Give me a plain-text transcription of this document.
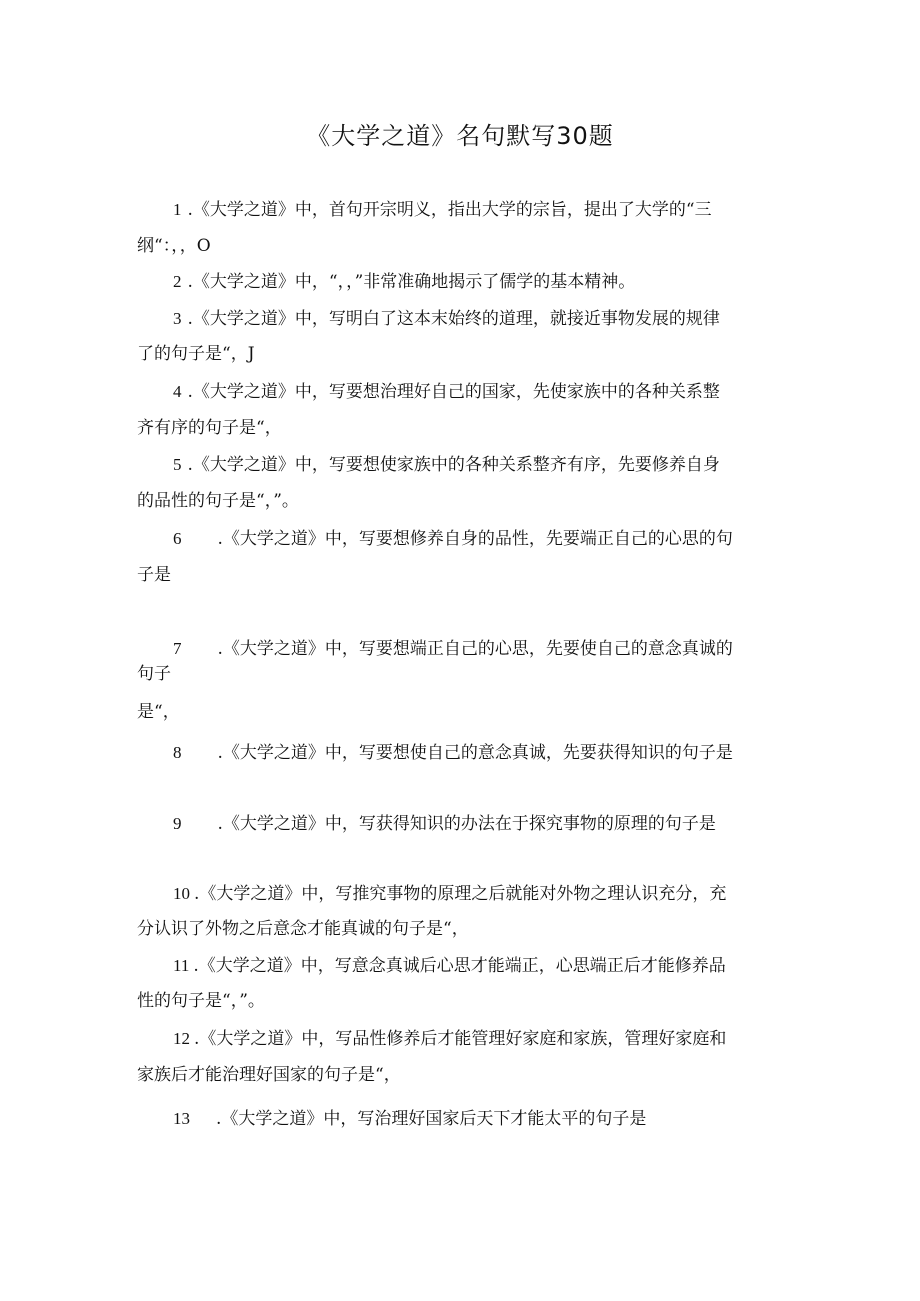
《大学之道》名句默写30题
1 .《大学之道》中，首句开宗明义，指出大学的宗旨，提出了大学的“三
纲“：，，O
2 .《大学之道》中，“，，”非常准确地揭示了儒学的基本精神。
3 .《大学之道》中，写明白了这本末始终的道理，就接近事物发展的规律
了的句子是“，J
4 .《大学之道》中，写要想治理好自己的国家，先使家族中的各种关系整
齐有序的句子是“，
5 .《大学之道》中，写要想使家族中的各种关系整齐有序，先要修养自身
的品性的句子是“，”。
6 .《大学之道》中，写要想修养自身的品性，先要端正自己的心思的句
子是
7 .《大学之道》中，写要想端正自己的心思，先要使自己的意念真诚的
句子
是“，
8 .《大学之道》中，写要想使自己的意念真诚，先要获得知识的句子是
9 .《大学之道》中，写获得知识的办法在于探究事物的原理的句子是
10 .《大学之道》中，写推究事物的原理之后就能对外物之理认识充分，充
分认识了外物之后意念才能真诚的句子是“，
11 .《大学之道》中，写意念真诚后心思才能端正，心思端正后才能修养品
性的句子是“，”。
12 .《大学之道》中，写品性修养后才能管理好家庭和家族，管理好家庭和
家族后才能治理好国家的句子是“，
13 .《大学之道》中，写治理好国家后天下才能太平的句子是
